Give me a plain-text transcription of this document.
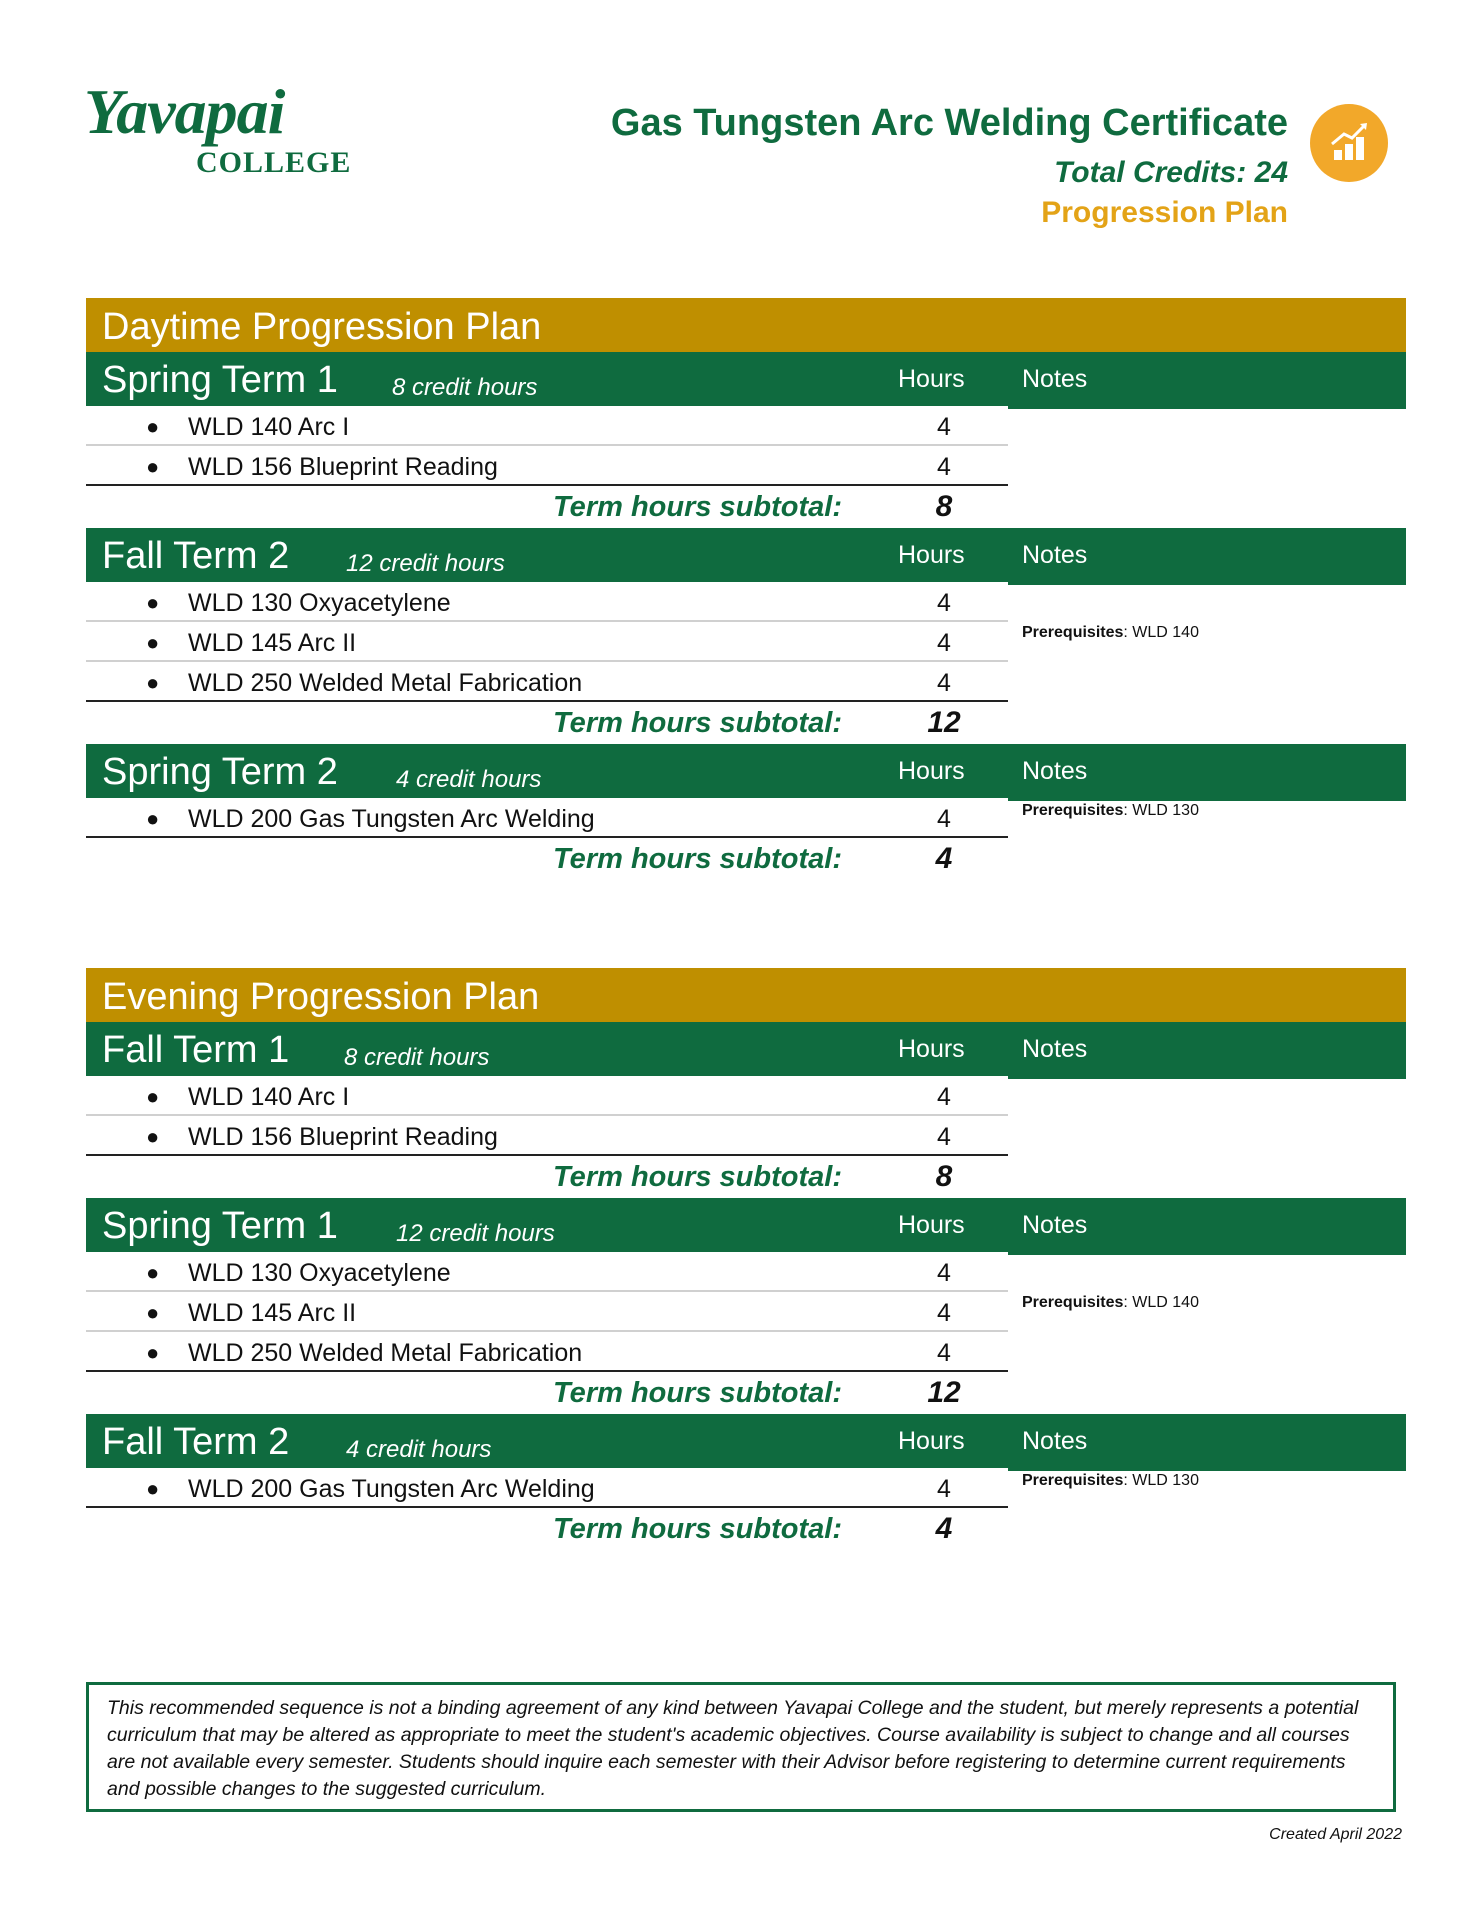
Yavapai
COLLEGE
Gas Tungsten Arc Welding Certificate
Total Credits: 24
Progression Plan
Daytime Progression Plan
Spring Term 1 8 credit hours	Hours Notes
● WLD 140 Arc I	4
● WLD 156 Blueprint Reading	4
Term hours subtotal:	8
Fall Term 2 12 credit hours	Hours Notes
● WLD 130 Oxyacetylene	4
● WLD 145 Arc II	4
● WLD 250 Welded Metal Fabrication	4
Prerequisites: WLD 140
Term hours subtotal:	12
Spring Term 2 4 credit hours	Hours Notes
● WLD 200 Gas Tungsten Arc Welding	4	Prerequisites: WLD 130
Term hours subtotal:	4
Evening Progression Plan
Fall Term 1 8 credit hours	Hours Notes
● WLD 140 Arc I	4
● WLD 156 Blueprint Reading	4
Term hours subtotal:	8
Spring Term 1 12 credit hours	Hours Notes
● WLD 130 Oxyacetylene	4
● WLD 145 Arc II	4
● WLD 250 Welded Metal Fabrication	4
Prerequisites: WLD 140
Term hours subtotal:	12
Fall Term 2 4 credit hours	Hours Notes
● WLD 200 Gas Tungsten Arc Welding	4	Prerequisites: WLD 130
Term hours subtotal:	4
This recommended sequence is not a binding agreement of any kind between Yavapai College and the student, but merely represents a potential curriculum that may be altered as appropriate to meet the student's academic objectives. Course availability is subject to change and all courses are not available every semester. Students should inquire each semester with their Advisor before registering to determine current requirements and possible changes to the suggested curriculum.
Created April 2022
